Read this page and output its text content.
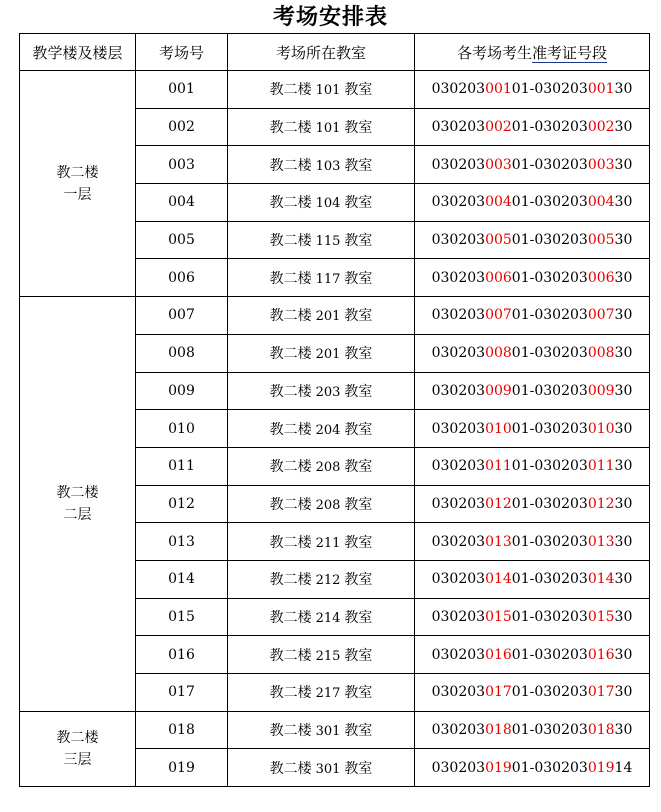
考场安排表
教学楼及楼层	考场号	考场所在教室	各考场考生准考证号段

教二楼
一层	001	教二楼 101 教室	03020300101-03020300130
	002	教二楼 101 教室	03020300201-03020300230
	003	教二楼 103 教室	03020300301-03020300330
	004	教二楼 104 教室	03020300401-03020300430
	005	教二楼 115 教室	03020300501-03020300530
	006	教二楼 117 教室	03020300601-03020300630

教二楼
二层	007	教二楼 201 教室	03020300701-03020300730
	008	教二楼 201 教室	03020300801-03020300830
	009	教二楼 203 教室	03020300901-03020300930
	010	教二楼 204 教室	03020301001-03020301030
	011	教二楼 208 教室	03020301101-03020301130
	012	教二楼 208 教室	03020301201-03020301230
	013	教二楼 211 教室	03020301301-03020301330
	014	教二楼 212 教室	03020301401-03020301430
	015	教二楼 214 教室	03020301501-03020301530
	016	教二楼 215 教室	03020301601-03020301630
	017	教二楼 217 教室	03020301701-03020301730

教二楼
三层	018	教二楼 301 教室	03020301801-03020301830
	019	教二楼 301 教室	03020301901-03020301914
